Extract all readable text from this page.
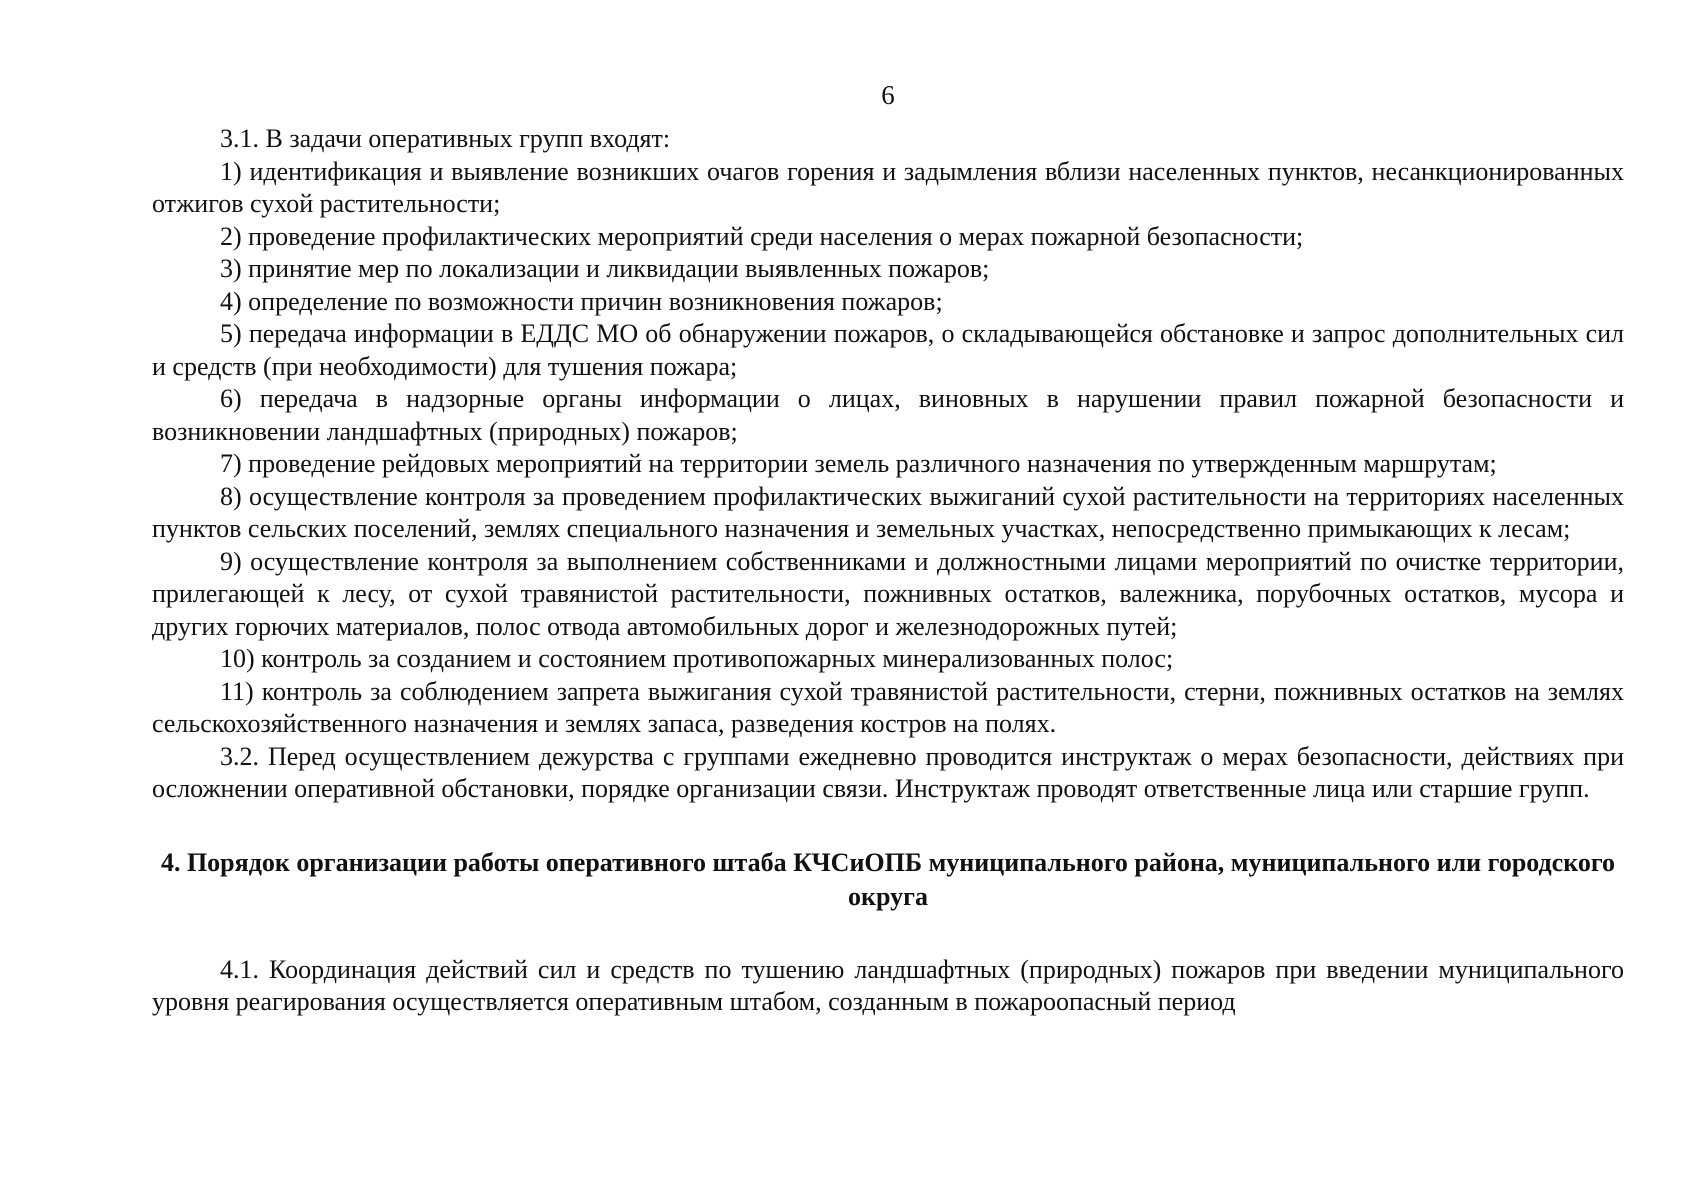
6

3.1. В задачи оперативных групп входят:

1) идентификация и выявление возникших очагов горения и задымления вблизи населенных пунктов, несанкционированных отжигов сухой растительности;

2) проведение профилактических мероприятий среди населения о мерах пожарной безопасности;

3) принятие мер по локализации и ликвидации выявленных пожаров;

4) определение по возможности причин возникновения пожаров;

5) передача информации в ЕДДС МО об обнаружении пожаров, о складывающейся обстановке и запрос дополнительных сил и средств (при необходимости) для тушения пожара;

6) передача в надзорные органы информации о лицах, виновных в нарушении правил пожарной безопасности и возникновении ландшафтных (природных) пожаров;

7) проведение рейдовых мероприятий на территории земель различного назначения по утвержденным маршрутам;

8) осуществление контроля за проведением профилактических выжиганий сухой растительности на территориях населенных пунктов сельских поселений, землях специального назначения и земельных участках, непосредственно примыкающих к лесам;

9) осуществление контроля за выполнением собственниками и должностными лицами мероприятий по очистке территории, прилегающей к лесу, от сухой травянистой растительности, пожнивных остатков, валежника, порубочных остатков, мусора и других горючих материалов, полос отвода автомобильных дорог и железнодорожных путей;

10) контроль за созданием и состоянием противопожарных минерализованных полос;

11) контроль за соблюдением запрета выжигания сухой травянистой растительности, стерни, пожнивных остатков на землях сельскохозяйственного назначения и землях запаса, разведения костров на полях.

3.2. Перед осуществлением дежурства с группами ежедневно проводится инструктаж о мерах безопасности, действиях при осложнении оперативной обстановки, порядке организации связи. Инструктаж проводят ответственные лица или старшие групп.

4. Порядок организации работы оперативного штаба КЧСиОПБ муниципального района, муниципального или городского округа

4.1. Координация действий сил и средств по тушению ландшафтных (природных) пожаров при введении муниципального уровня реагирования осуществляется оперативным штабом, созданным в пожароопасный период
